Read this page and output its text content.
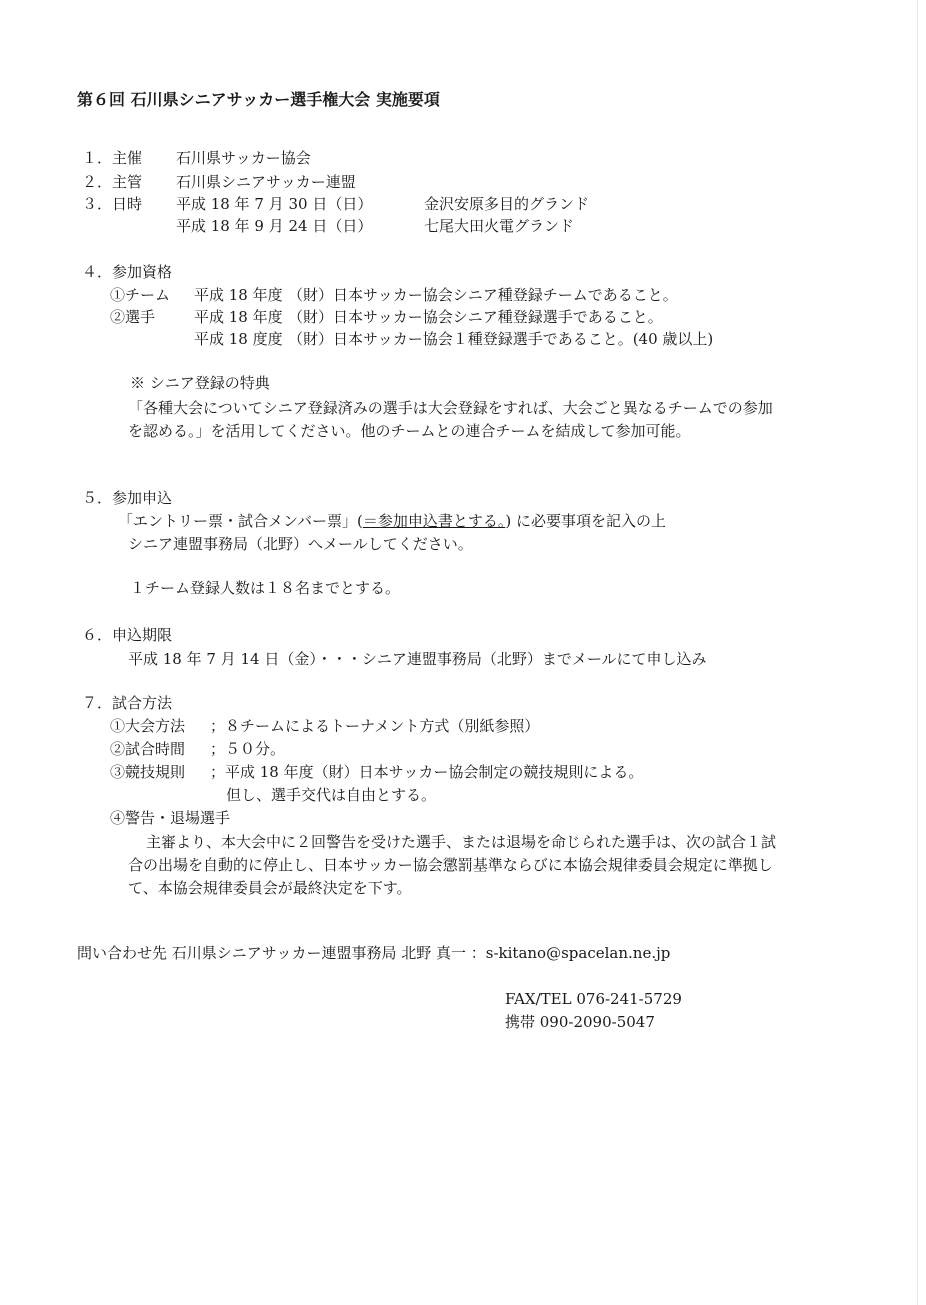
第６回 石川県シニアサッカー選手権大会 実施要項
１． 主催 石川県サッカー協会
２． 主管 石川県シニアサッカー連盟
３． 日時 平成 18 年 7 月 30 日（日）	金沢安原多目的グランド
平成 18 年 9 月 24 日（日）	七尾大田火電グランド
４．参加資格
①チーム 平成 18 年度 （財）日本サッカー協会シニア種登録チームであること。
②選手	平成 18 年度 （財）日本サッカー協会シニア種登録選手であること。
平成 18 度度 （財）日本サッカー協会１種登録選手であること。(40 歳以上)
※ シニア登録の特典
「各種大会についてシニア登録済みの選手は大会登録をすれば、大会ごと異なるチームでの参加
を認める。」を活用してください。他のチームとの連合チームを結成して参加可能。
５．参加申込
「エントリー票・試合メンバー票」(＝参加申込書とする。) に必要事項を記入の上
シニア連盟事務局（北野）へメールしてください。
１チーム登録人数は１８名までとする。
６．申込期限
平成 18 年 7 月 14 日（金）・・・シニア連盟事務局（北野）までメールにて申し込み
７．試合方法
①大会方法 ；８チームによるトーナメント方式（別紙参照）
②試合時間 ；５０分。
③競技規則 ；平成 18 年度（財）日本サッカー協会制定の競技規則による。
但し、選手交代は自由とする。
④警告・退場選手
主審より、本大会中に２回警告を受けた選手、または退場を命じられた選手は、次の試合１試
合の出場を自動的に停止し、日本サッカー協会懲罰基準ならびに本協会規律委員会規定に準拠し
て、本協会規律委員会が最終決定を下す。
問い合わせ先 石川県シニアサッカー連盟事務局 北野 真一 ：s-kitano@spacelan.ne.jp
FAX/TEL 076-241-5729
携帯 090-2090-5047
